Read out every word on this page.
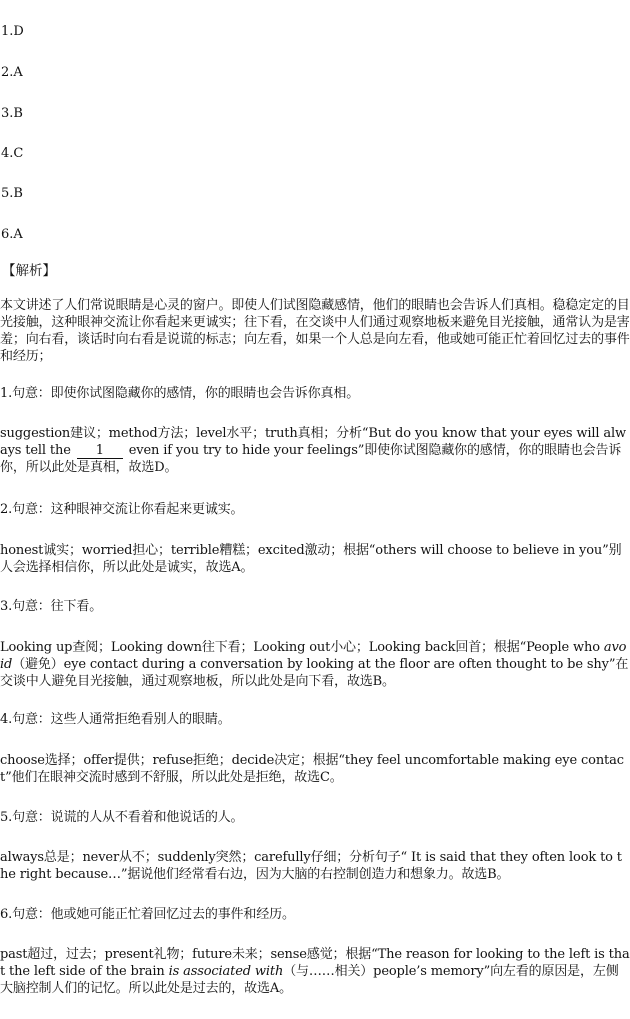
1.D
2.A
3.B
4.C
5.B
6.A
【解析】
本文讲述了人们常说眼睛是心灵的窗户。即使人们试图隐藏感情，他们的眼睛也会告诉人们真相。稳稳定定的目光接触，这种眼神交流让你看起来更诚实；往下看，在交谈中人们通过观察地板来避免目光接触，通常认为是害羞；向右看，谈话时向右看是说谎的标志；向左看，如果一个人总是向左看，他或她可能正忙着回忆过去的事件和经历；
1.句意：即使你试图隐藏你的感情，你的眼睛也会告诉你真相。
suggestion建议；method方法；level水平；truth真相；分析“But do you know that your eyes will always tell the 1 even if you try to hide your feelings”即使你试图隐藏你的感情，你的眼睛也会告诉你，所以此处是真相，故选D。
2.句意：这种眼神交流让你看起来更诚实。
honest诚实；worried担心；terrible糟糕；excited激动；根据“others will choose to believe in you”别人会选择相信你，所以此处是诚实，故选A。
3.句意：往下看。
Looking up查阅；Looking down往下看；Looking out小心；Looking back回首；根据“People who avoid（避免）eye contact during a conversation by looking at the floor are often thought to be shy”在交谈中人避免目光接触，通过观察地板，所以此处是向下看，故选B。
4.句意：这些人通常拒绝看别人的眼睛。
choose选择；offer提供；refuse拒绝；decide决定；根据“they feel uncomfortable making eye contact”他们在眼神交流时感到不舒服，所以此处是拒绝，故选C。
5.句意：说谎的人从不看着和他说话的人。
always总是；never从不；suddenly突然；carefully仔细；分析句子“ It is said that they often look to the right because…”据说他们经常看右边，因为大脑的右控制创造力和想象力。故选B。
6.句意：他或她可能正忙着回忆过去的事件和经历。
past超过，过去；present礼物；future未来；sense感觉；根据“The reason for looking to the left is that the left side of the brain is associated with（与……相关）people’s memory”向左看的原因是，左侧大脑控制人们的记忆。所以此处是过去的，故选A。
